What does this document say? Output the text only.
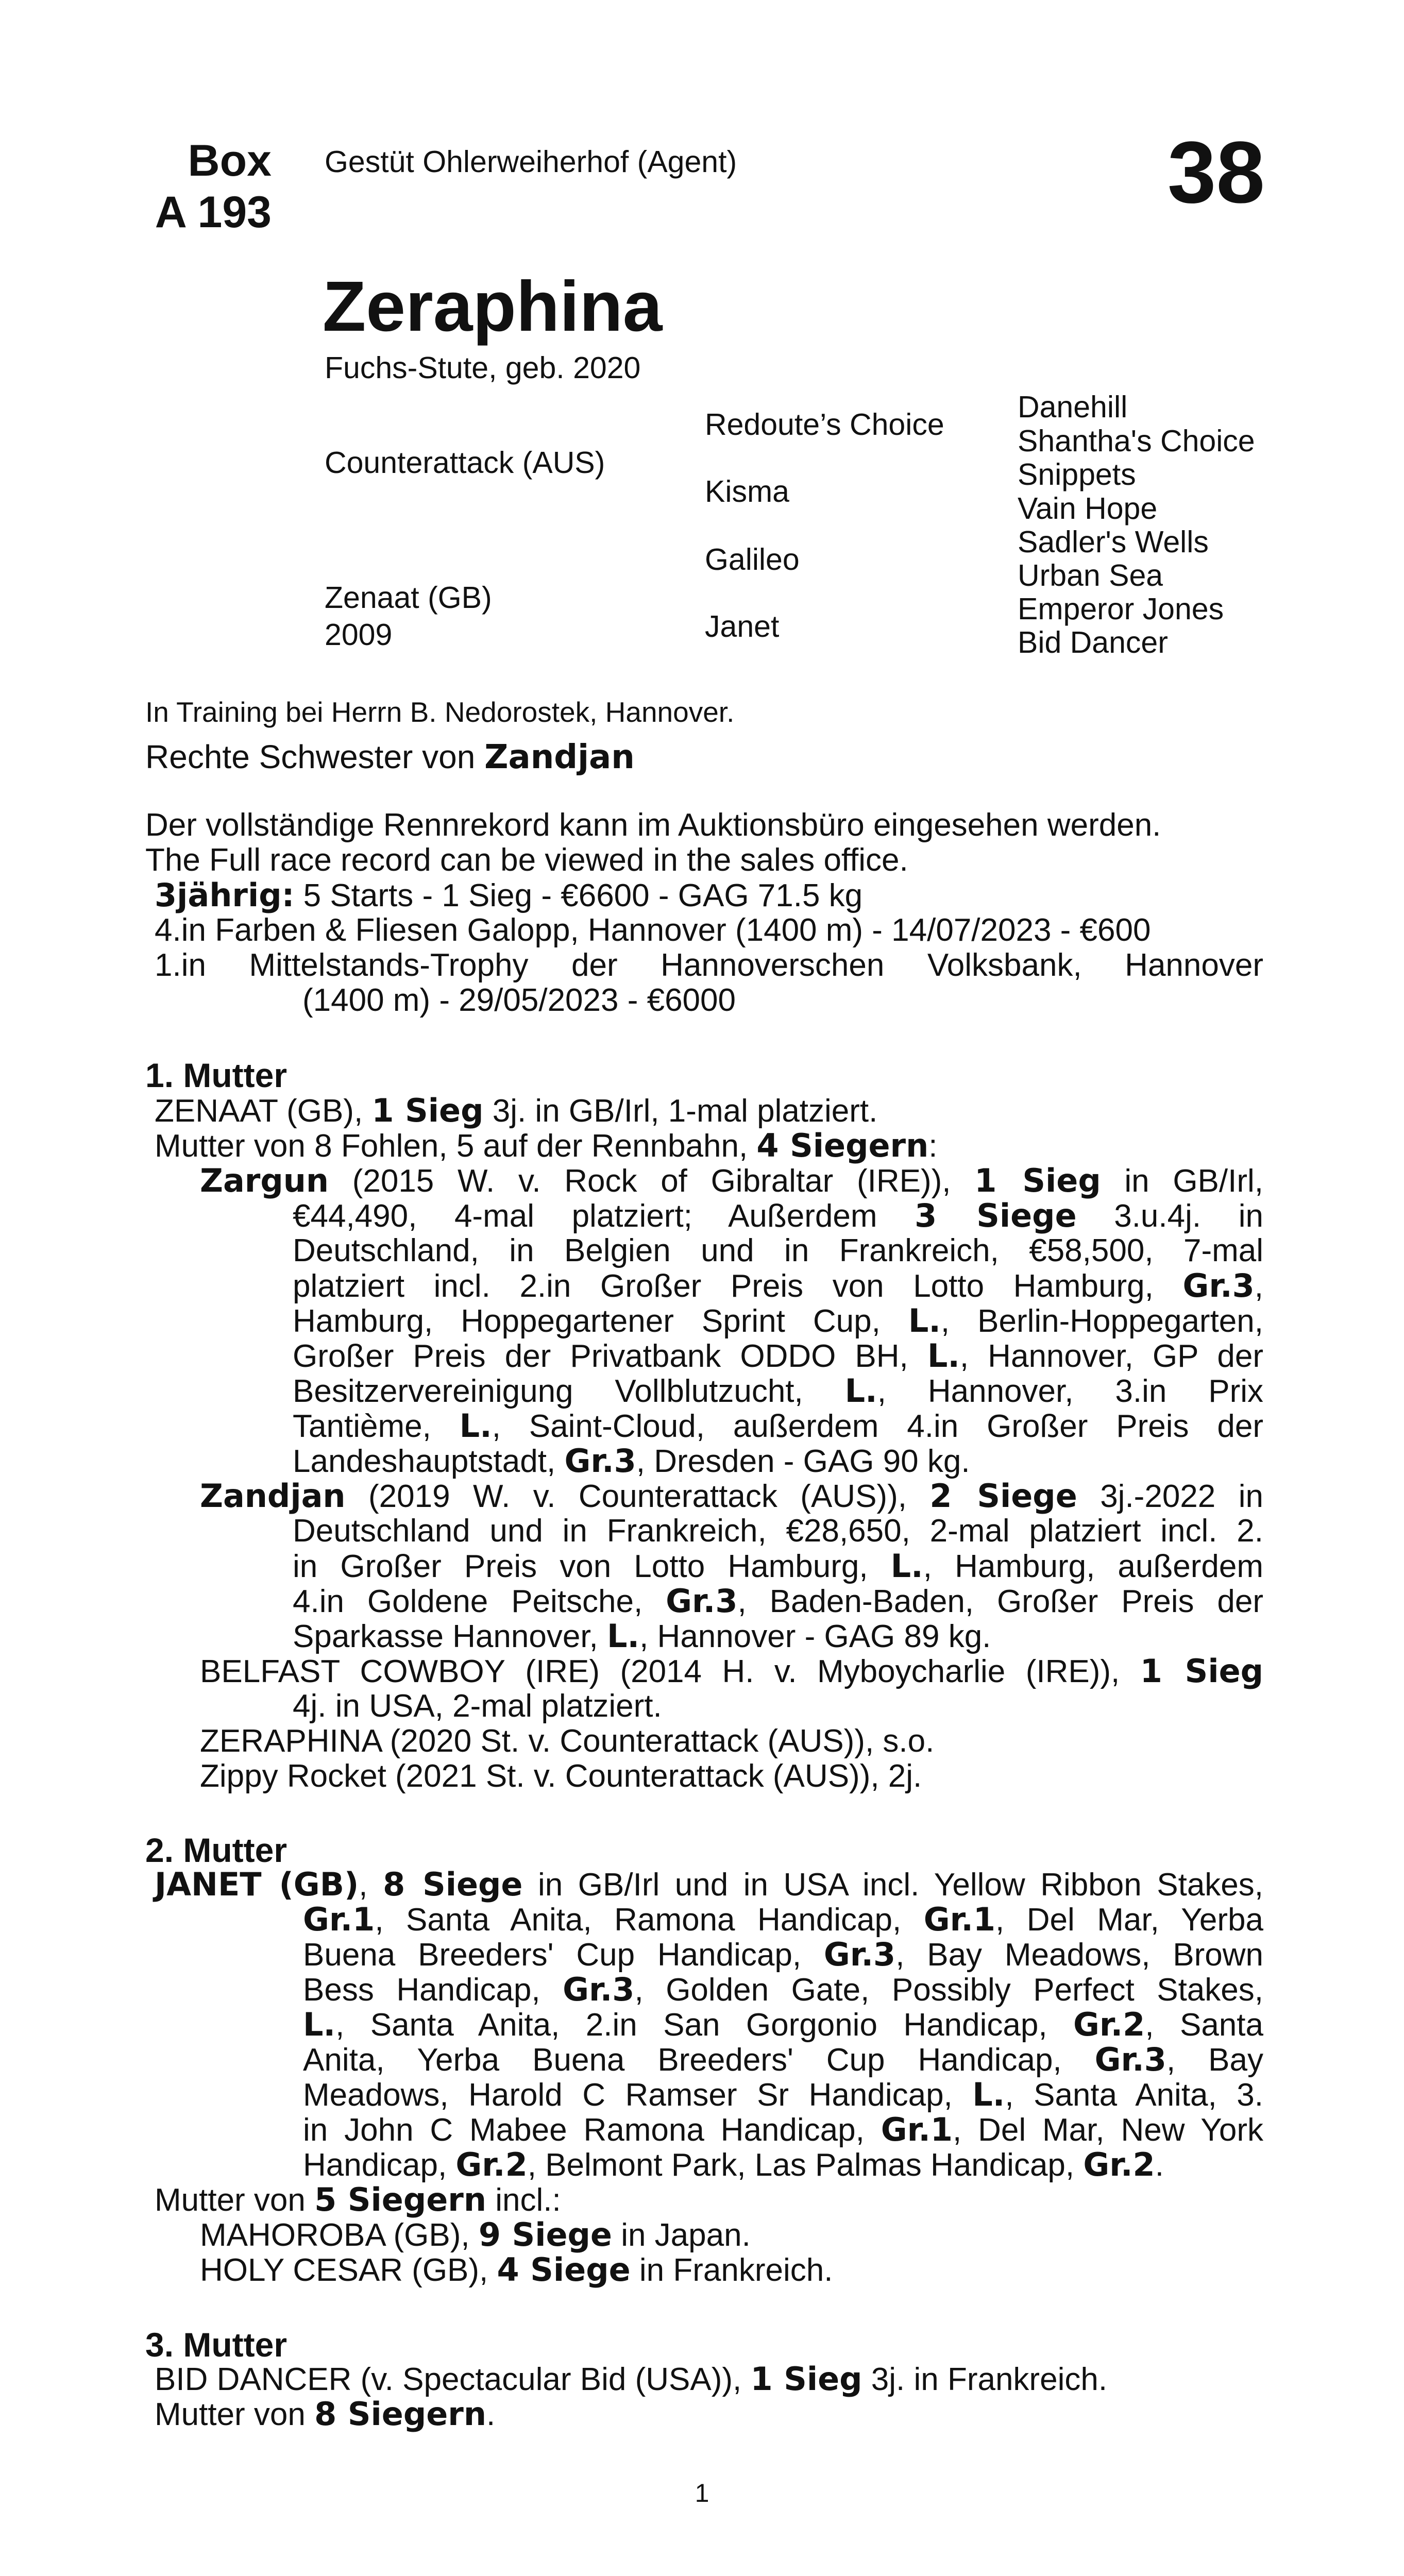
Box
A 193
Gestüt Ohlerweiherhof (Agent)	38
Zeraphina
Fuchs-Stute, geb. 2020
Counterattack (AUS)
Zenaat (GB)
2009
Redoute’s Choice
Kisma
Galileo
Janet
Danehill
Shantha's Choice
Snippets
Vain Hope
Sadler's Wells
Urban Sea
Emperor Jones
Bid Dancer
In Training bei Herrn B. Nedorostek, Hannover.
Rechte Schwester von Zandjan
Der vollständige Rennrekord kann im Auktionsbüro eingesehen werden.
The Full race record can be viewed in the sales office.
3jährig: 5 Starts - 1 Sieg - €6600 - GAG 71.5 kg
4.in Farben & Fliesen Galopp, Hannover (1400 m) - 14/07/2023 - €600
1.in Mittelstands-Trophy der Hannoverschen Volksbank, Hannover
(1400 m) - 29/05/2023 - €6000
1. Mutter
ZENAAT (GB), 1 Sieg 3j. in GB/Irl, 1-mal platziert.
Mutter von 8 Fohlen, 5 auf der Rennbahn, 4 Siegern:
Zargun (2015 W. v. Rock of Gibraltar (IRE)), 1 Sieg in GB/Irl,
€44,490, 4-mal platziert; Außerdem 3 Siege 3.u.4j. in
Deutschland, in Belgien und in Frankreich, €58,500, 7-mal
platziert incl. 2.in Großer Preis von Lotto Hamburg, Gr.3,
Hamburg, Hoppegartener Sprint Cup, L., Berlin-Hoppegarten,
Großer Preis der Privatbank ODDO BH, L., Hannover, GP der
Besitzervereinigung Vollblutzucht, L., Hannover, 3.in Prix
Tantième, L., Saint-Cloud, außerdem 4.in Großer Preis der
Landeshauptstadt, Gr.3, Dresden - GAG 90 kg.
Zandjan (2019 W. v. Counterattack (AUS)), 2 Siege 3j.-2022 in
Deutschland und in Frankreich, €28,650, 2-mal platziert incl. 2.
in Großer Preis von Lotto Hamburg, L., Hamburg, außerdem
4.in Goldene Peitsche, Gr.3, Baden-Baden, Großer Preis der
Sparkasse Hannover, L., Hannover - GAG 89 kg.
BELFAST COWBOY (IRE) (2014 H. v. Myboycharlie (IRE)), 1 Sieg
4j. in USA, 2-mal platziert.
ZERAPHINA (2020 St. v. Counterattack (AUS)), s.o.
Zippy Rocket (2021 St. v. Counterattack (AUS)), 2j.
2. Mutter
JANET (GB), 8 Siege in GB/Irl und in USA incl. Yellow Ribbon Stakes,
Gr.1, Santa Anita, Ramona Handicap, Gr.1, Del Mar, Yerba
Buena Breeders' Cup Handicap, Gr.3, Bay Meadows, Brown
Bess Handicap, Gr.3, Golden Gate, Possibly Perfect Stakes,
L., Santa Anita, 2.in San Gorgonio Handicap, Gr.2, Santa
Anita, Yerba Buena Breeders' Cup Handicap, Gr.3, Bay
Meadows, Harold C Ramser Sr Handicap, L., Santa Anita, 3.
in John C Mabee Ramona Handicap, Gr.1, Del Mar, New York
Handicap, Gr.2, Belmont Park, Las Palmas Handicap, Gr.2.
Mutter von 5 Siegern incl.:
MAHOROBA (GB), 9 Siege in Japan.
HOLY CESAR (GB), 4 Siege in Frankreich.
3. Mutter
BID DANCER (v. Spectacular Bid (USA)), 1 Sieg 3j. in Frankreich.
Mutter von 8 Siegern.
1
